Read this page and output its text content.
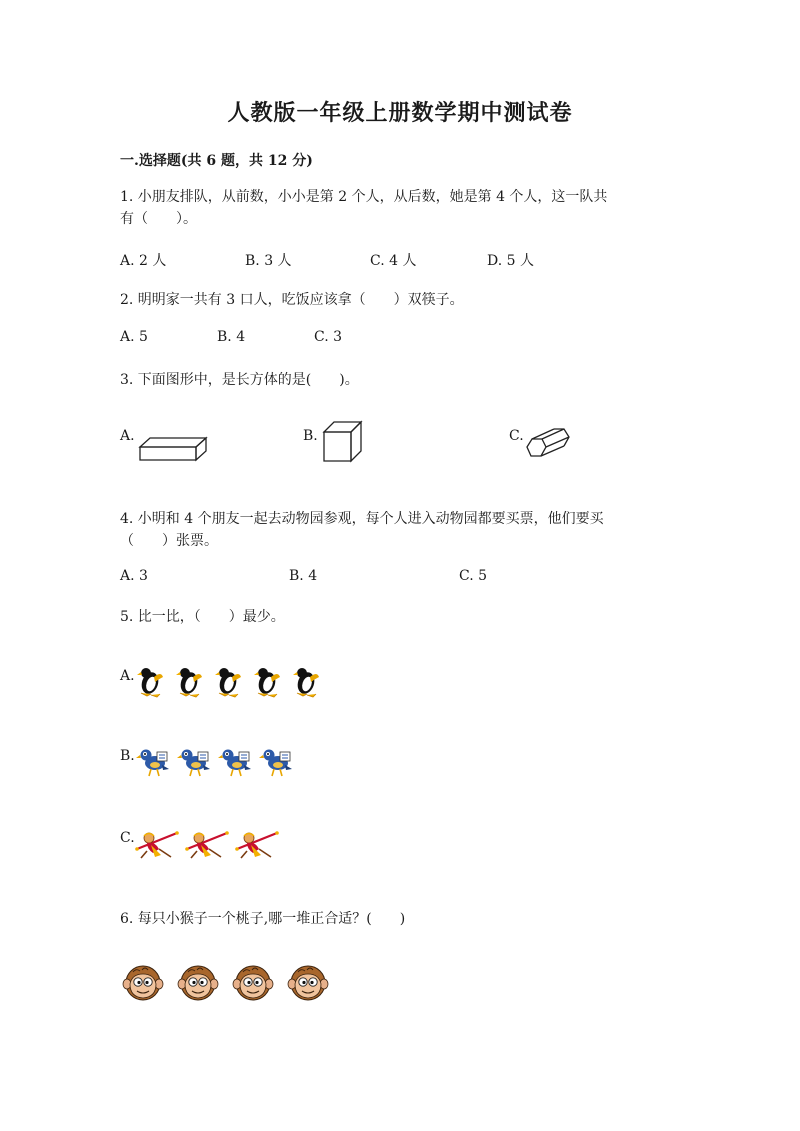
人教版一年级上册数学期中测试卷
一.选择题(共 6 题，共 12 分)
1. 小朋友排队，从前数，小小是第 2 个人，从后数，她是第 4 个人，这一队共
有（　　）。
A. 2 人	B. 3 人	C. 4 人	D. 5 人
2. 明明家一共有 3 口人，吃饭应该拿（　　）双筷子。
A. 5	B. 4	C. 3
3. 下面图形中，是长方体的是(　　)。
A.	B.	C.
4. 小明和 4 个朋友一起去动物园参观，每个人进入动物园都要买票，他们要买
（　　）张票。
A. 3	B. 4	C. 5
5. 比一比，（　　）最少。
A.
B.
C.
6. 每只小猴子一个桃子,哪一堆正合适？(　　)
